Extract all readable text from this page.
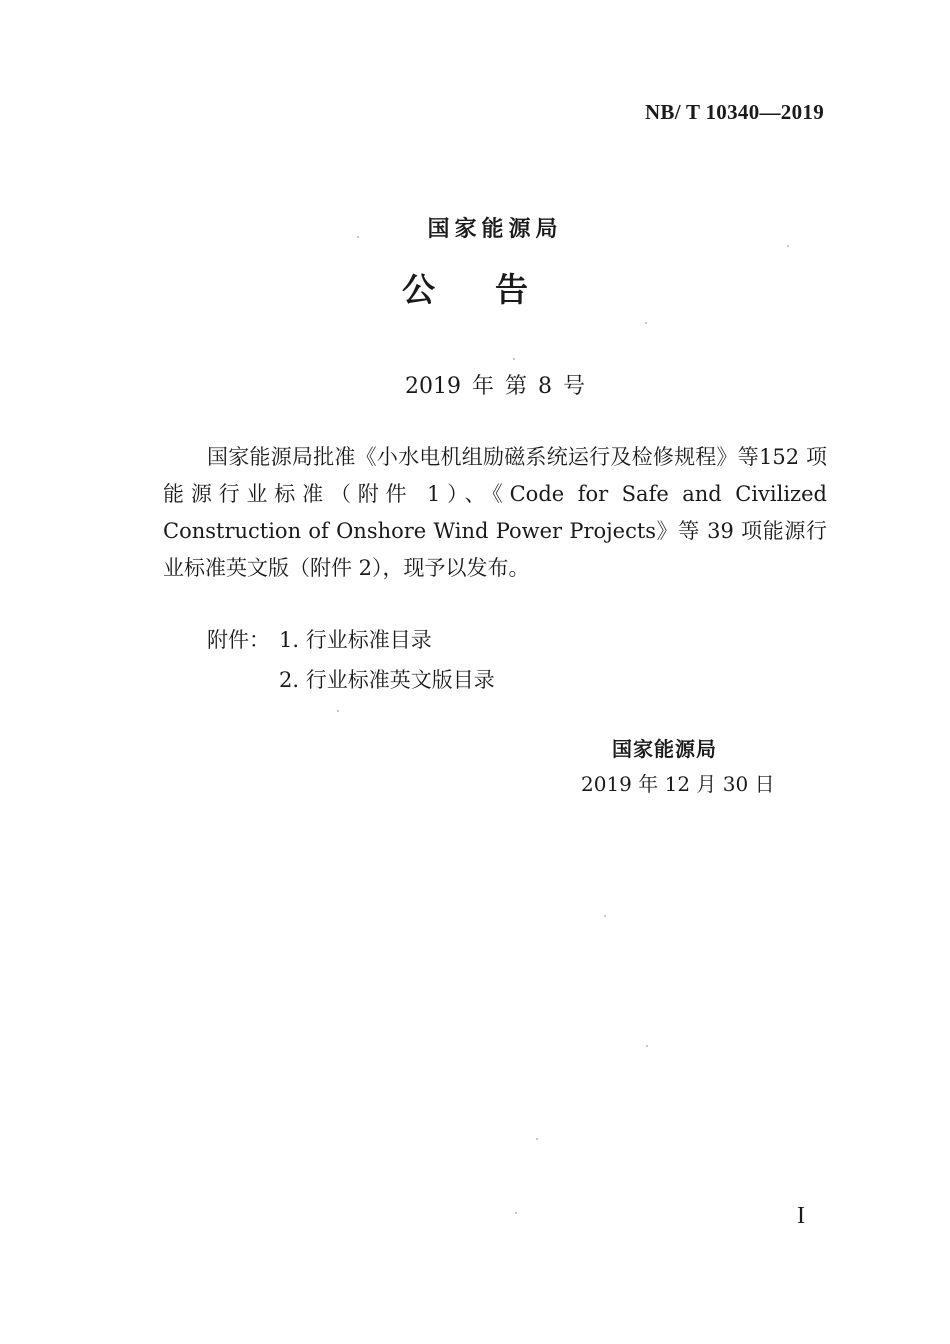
NB/ T 10340—2019
国家能源局
公告
2019 年 第 8 号
国家能源局批准《小水电机组励磁系统运行及检修规程》等152 项能源行业标准（附件 1）、《Code for Safe and Civilized Construction of Onshore Wind Power Projects》等 39 项能源行业标准英文版（附件 2），现予以发布。
附件： 1. 行业标准目录
2. 行业标准英文版目录
国家能源局
2019 年 12 月 30 日
I
